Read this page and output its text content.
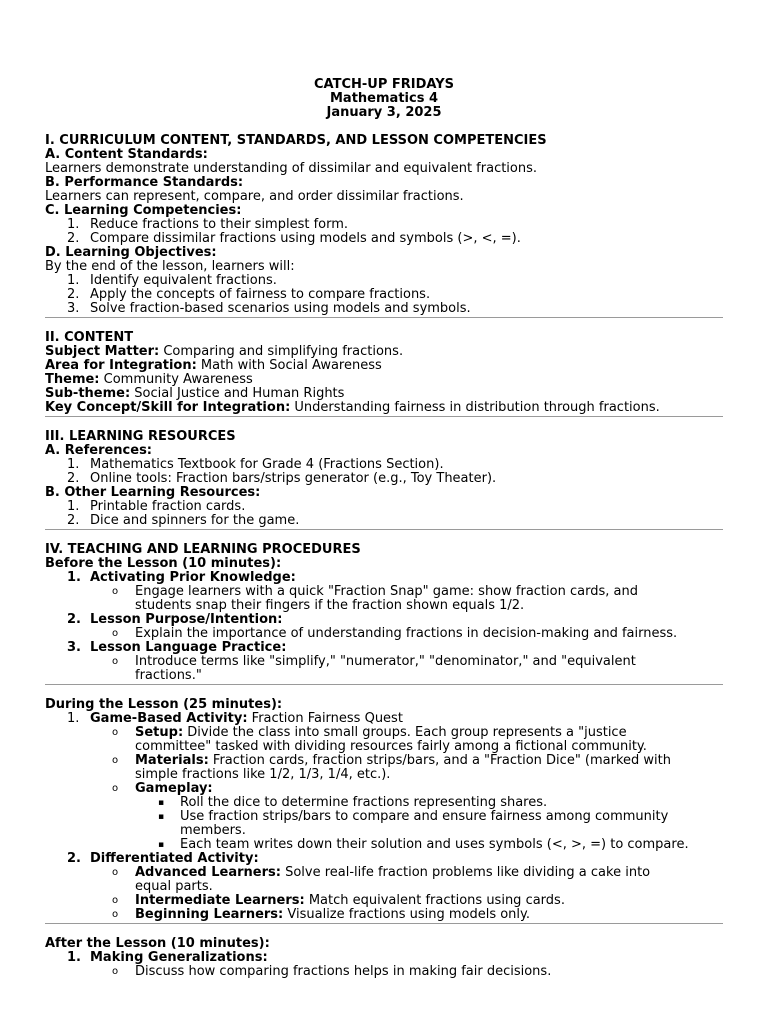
CATCH-UP FRIDAYS
Mathematics 4
January 3, 2025
I. CURRICULUM CONTENT, STANDARDS, AND LESSON COMPETENCIES
A. Content Standards:
Learners demonstrate understanding of dissimilar and equivalent fractions.
B. Performance Standards:
Learners can represent, compare, and order dissimilar fractions.
C. Learning Competencies:
1. Reduce fractions to their simplest form.
2. Compare dissimilar fractions using models and symbols (>, <, =).
D. Learning Objectives:
By the end of the lesson, learners will:
1. Identify equivalent fractions.
2. Apply the concepts of fairness to compare fractions.
3. Solve fraction-based scenarios using models and symbols.
II. CONTENT
Subject Matter: Comparing and simplifying fractions.
Area for Integration: Math with Social Awareness
Theme: Community Awareness
Sub-theme: Social Justice and Human Rights
Key Concept/Skill for Integration: Understanding fairness in distribution through fractions.
III. LEARNING RESOURCES
A. References:
1. Mathematics Textbook for Grade 4 (Fractions Section).
2. Online tools: Fraction bars/strips generator (e.g., Toy Theater).
B. Other Learning Resources:
1. Printable fraction cards.
2. Dice and spinners for the game.
IV. TEACHING AND LEARNING PROCEDURES
Before the Lesson (10 minutes):
1. Activating Prior Knowledge:
o Engage learners with a quick "Fraction Snap" game: show fraction cards, and
students snap their fingers if the fraction shown equals 1/2.
2. Lesson Purpose/Intention:
o Explain the importance of understanding fractions in decision-making and fairness.
3. Lesson Language Practice:
o Introduce terms like "simplify," "numerator," "denominator," and "equivalent
fractions."
During the Lesson (25 minutes):
1. Game-Based Activity: Fraction Fairness Quest
o Setup: Divide the class into small groups. Each group represents a "justice
committee" tasked with dividing resources fairly among a fictional community.
o Materials: Fraction cards, fraction strips/bars, and a "Fraction Dice" (marked with
simple fractions like 1/2, 1/3, 1/4, etc.).
o Gameplay:
▪ Roll the dice to determine fractions representing shares.
▪ Use fraction strips/bars to compare and ensure fairness among community
members.
▪ Each team writes down their solution and uses symbols (<, >, =) to compare.
2. Differentiated Activity:
o Advanced Learners: Solve real-life fraction problems like dividing a cake into
equal parts.
o Intermediate Learners: Match equivalent fractions using cards.
o Beginning Learners: Visualize fractions using models only.
After the Lesson (10 minutes):
1. Making Generalizations:
o Discuss how comparing fractions helps in making fair decisions.
